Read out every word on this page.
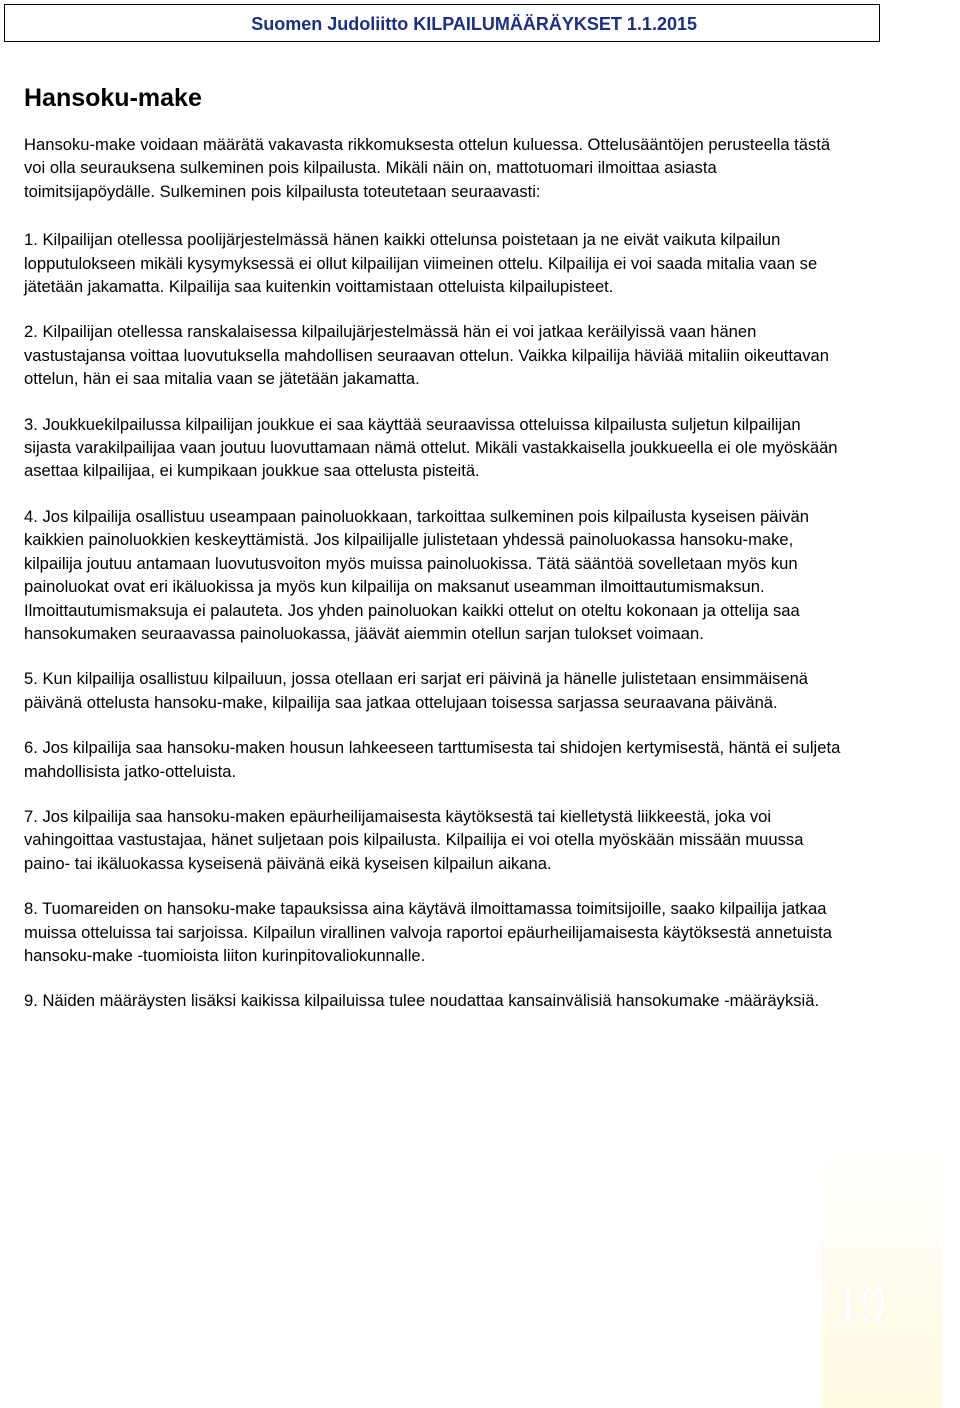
Suomen Judoliitto KILPAILUMÄÄRÄYKSET 1.1.2015
Hansoku-make

Hansoku-make voidaan määrätä vakavasta rikkomuksesta ottelun kuluessa. Ottelusääntöjen perusteella tästä voi olla seurauksena sulkeminen pois kilpailusta. Mikäli näin on, mattotuomari ilmoittaa asiasta toimitsijapöydälle. Sulkeminen pois kilpailusta toteutetaan seuraavasti:

1. Kilpailijan otellessa poolijärjestelmässä hänen kaikki ottelunsa poistetaan ja ne eivät vaikuta kilpailun lopputulokseen mikäli kysymyksessä ei ollut kilpailijan viimeinen ottelu. Kilpailija ei voi saada mitalia vaan se jätetään jakamatta. Kilpailija saa kuitenkin voittamistaan otteluista kilpailupisteet.

2. Kilpailijan otellessa ranskalaisessa kilpailujärjestelmässä hän ei voi jatkaa keräilyissä vaan hänen vastustajansa voittaa luovutuksella mahdollisen seuraavan ottelun. Vaikka kilpailija häviää mitaliin oikeuttavan ottelun, hän ei saa mitalia vaan se jätetään jakamatta.

3. Joukkuekilpailussa kilpailijan joukkue ei saa käyttää seuraavissa otteluissa kilpailusta suljetun kilpailijan sijasta varakilpailijaa vaan joutuu luovuttamaan nämä ottelut. Mikäli vastakkaisella joukkueella ei ole myöskään asettaa kilpailijaa, ei kumpikaan joukkue saa ottelusta pisteitä.

4. Jos kilpailija osallistuu useampaan painoluokkaan, tarkoittaa sulkeminen pois kilpailusta kyseisen päivän kaikkien painoluokkien keskeyttämistä. Jos kilpailijalle julistetaan yhdessä painoluokassa hansoku-make, kilpailija joutuu antamaan luovutusvoiton myös muissa painoluokissa. Tätä sääntöä sovelletaan myös kun painoluokat ovat eri ikäluokissa ja myös kun kilpailija on maksanut useamman ilmoittautumismaksun. Ilmoittautumismaksuja ei palauteta. Jos yhden painoluokan kaikki ottelut on oteltu kokonaan ja ottelija saa hansokumaken seuraavassa painoluokassa, jäävät aiemmin otellun sarjan tulokset voimaan.

5. Kun kilpailija osallistuu kilpailuun, jossa otellaan eri sarjat eri päivinä ja hänelle julistetaan ensimmäisenä päivänä ottelusta hansoku-make, kilpailija saa jatkaa ottelujaan toisessa sarjassa seuraavana päivänä.

6. Jos kilpailija saa hansoku-maken housun lahkeeseen tarttumisesta tai shidojen kertymisestä, häntä ei suljeta mahdollisista jatko-otteluista.

7. Jos kilpailija saa hansoku-maken epäurheilijamaisesta käytöksestä tai kielletystä liikkeestä, joka voi vahingoittaa vastustajaa, hänet suljetaan pois kilpailusta. Kilpailija ei voi otella myöskään missään muussa paino- tai ikäluokassa kyseisenä päivänä eikä kyseisen kilpailun aikana.

8. Tuomareiden on hansoku-make tapauksissa aina käytävä ilmoittamassa toimitsijoille, saako kilpailija jatkaa muissa otteluissa tai sarjoissa. Kilpailun virallinen valvoja raportoi epäurheilijamaisesta käytöksestä annetuista hansoku-make -tuomioista liiton kurinpitovaliokunnalle.

9. Näiden määräysten lisäksi kaikissa kilpailuissa tulee noudattaa kansainvälisiä hansokumake -määräyksiä.

19
